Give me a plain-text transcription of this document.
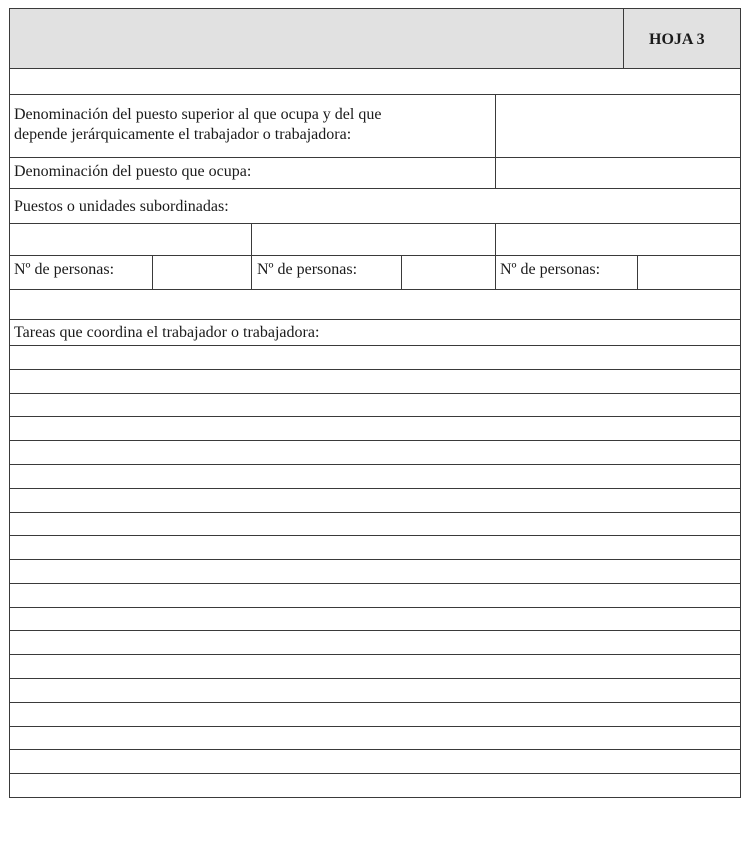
HOJA 3
Denominación del puesto superior al que ocupa y del que
depende jerárquicamente el trabajador o trabajadora:
Denominación del puesto que ocupa:
Puestos o unidades subordinadas:
Nº de personas:	Nº de personas:	Nº de personas:
Tareas que coordina el trabajador o trabajadora:
